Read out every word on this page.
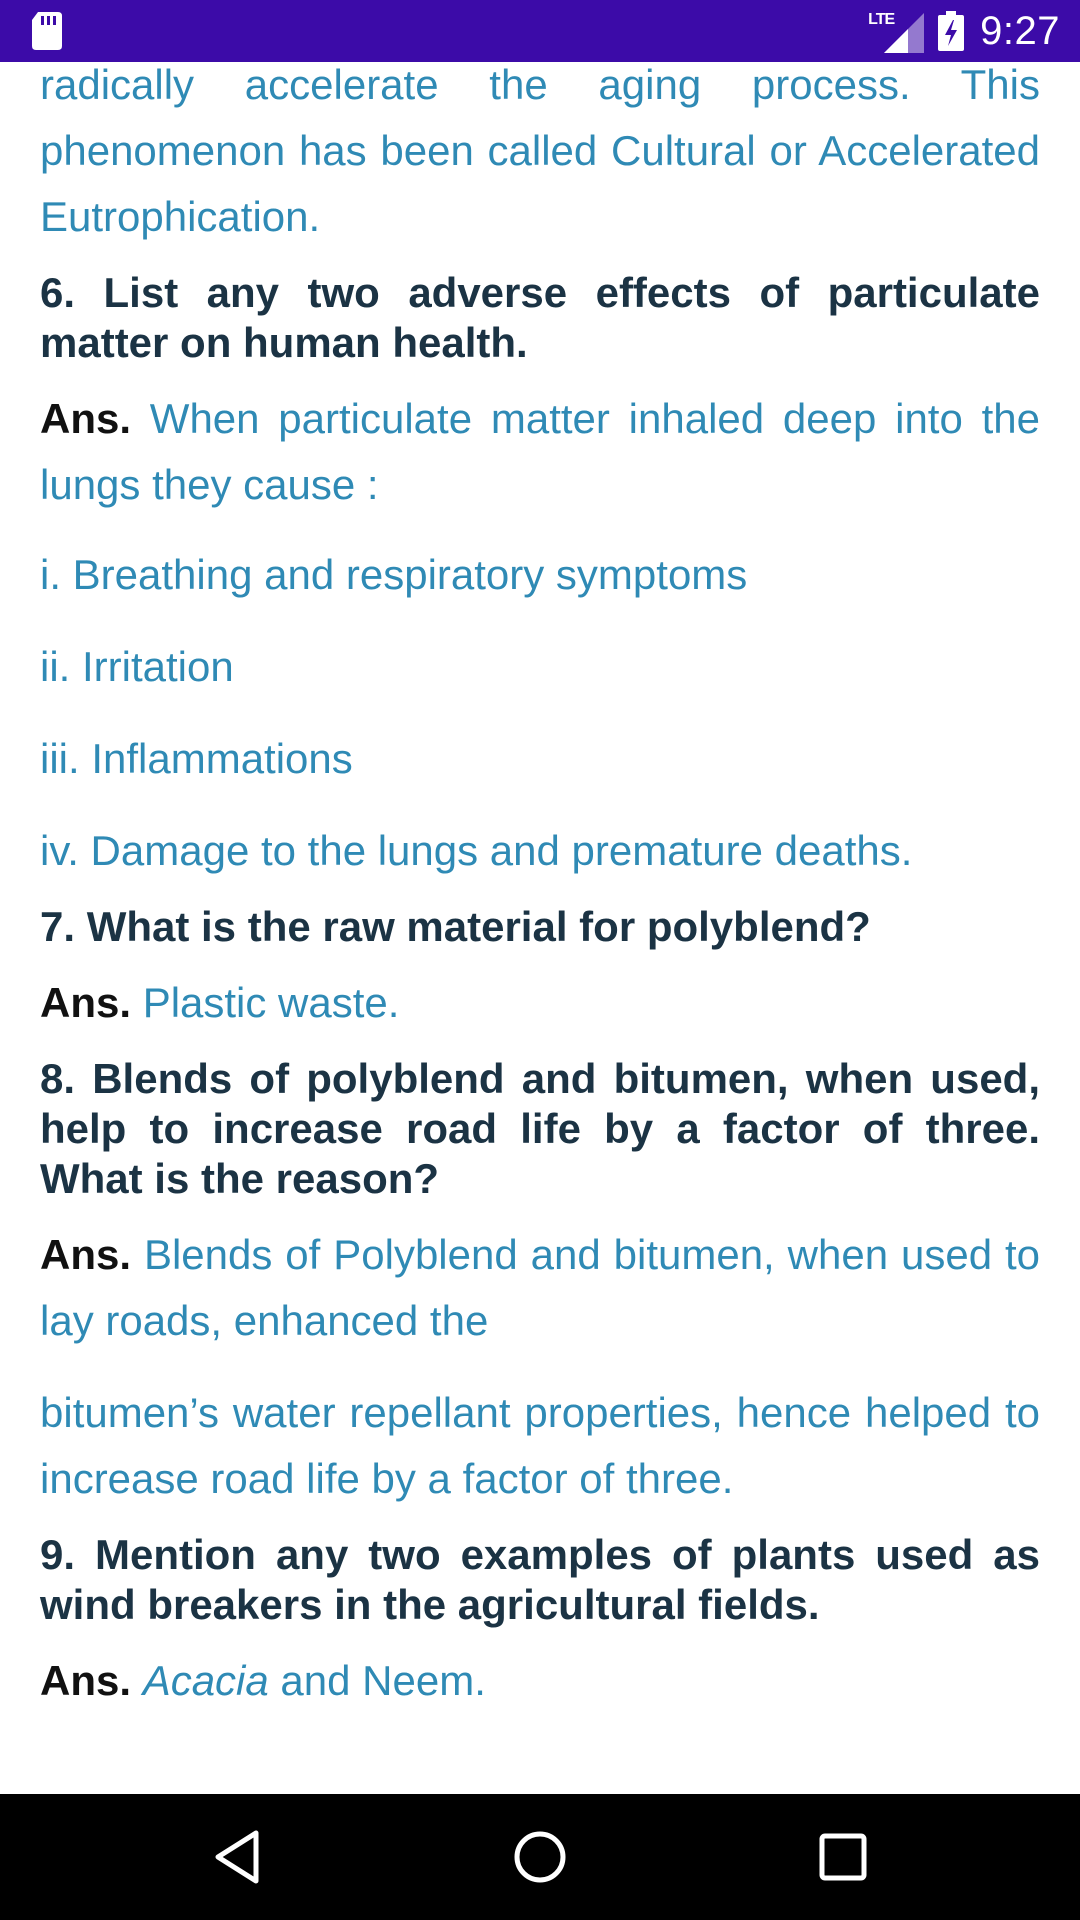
LTE 9:27

radically accelerate the aging process. This phenomenon has been called Cultural or Accelerated Eutrophication.

6. List any two adverse effects of particulate matter on human health.

Ans. When particulate matter inhaled deep into the lungs they cause :

i. Breathing and respiratory symptoms

ii. Irritation

iii. Inflammations

iv. Damage to the lungs and premature deaths.

7. What is the raw material for polyblend?

Ans. Plastic waste.

8. Blends of polyblend and bitumen, when used, help to increase road life by a factor of three. What is the reason?

Ans. Blends of Polyblend and bitumen, when used to lay roads, enhanced the

bitumen’s water repellant properties, hence helped to increase road life by a factor of three.

9. Mention any two examples of plants used as wind breakers in the agricultural fields.

Ans. Acacia and Neem.
